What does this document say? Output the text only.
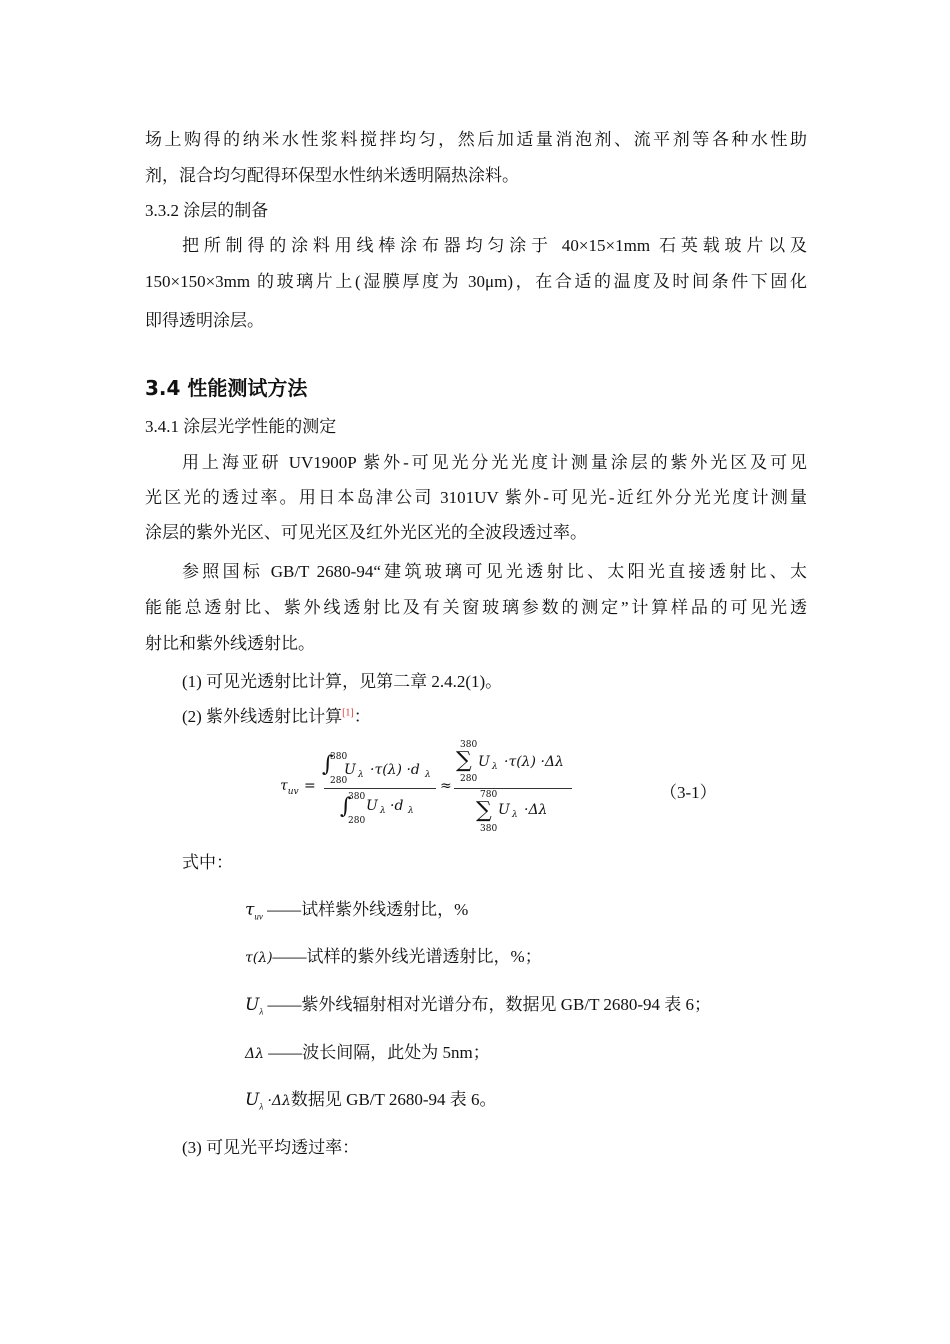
场上购得的纳米水性浆料搅拌均匀，然后加适量消泡剂、流平剂等各种水性助
剂，混合均匀配得环保型水性纳米透明隔热涂料。
3.3.2 涂层的制备
把所制得的涂料用线棒涂布器均匀涂于 40×15×1mm 石英载玻片以及
150×150×3mm 的玻璃片上(湿膜厚度为 30μm)，在合适的温度及时间条件下固化
即得透明涂层。
3.4 性能测试方法
3.4.1 涂层光学性能的测定
用上海亚研 UV1900P 紫外-可见光分光光度计测量涂层的紫外光区及可见
光区光的透过率。用日本岛津公司 3101UV 紫外-可见光-近红外分光光度计测量
涂层的紫外光区、可见光区及红外光区光的全波段透过率。
参照国标 GB/T 2680-94“建筑玻璃可见光透射比、太阳光直接透射比、太
能能总透射比、紫外线透射比及有关窗玻璃参数的测定”计算样品的可见光透
射比和紫外线透射比。
(1) 可见光透射比计算，见第二章 2.4.2(1)。
(2) 紫外线透射比计算[1]：
$\tau_{uv}$ =
∫
380
280
U λ ·τ(λ) ·d λ
∫
380
280
U λ ·d λ
≈
380
∑
280
U λ ·τ(λ) ·Δλ
780
∑
380
U λ ·Δλ
（3-1）
式中：
$\tau_{uv}$ ——试样紫外线透射比，%
τ(λ)——试样的紫外线光谱透射比，%；
$U_\lambda$ ——紫外线辐射相对光谱分布，数据见 GB/T 2680-94 表 6；
Δλ ——波长间隔，此处为 5nm；
$U_\lambda \cdot\Delta\lambda$数据见 GB/T 2680-94 表 6。
(3) 可见光平均透过率：
